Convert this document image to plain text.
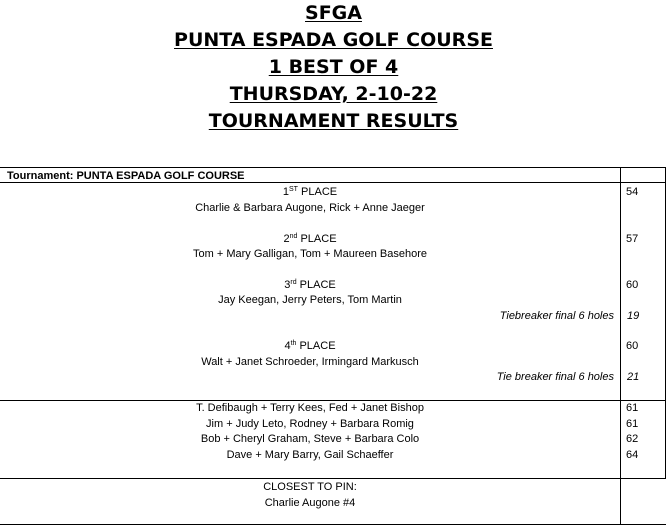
SFGA
PUNTA ESPADA GOLF COURSE
1 BEST OF 4
THURSDAY, 2-10-22
TOURNAMENT RESULTS
Tournament: PUNTA ESPADA GOLF COURSE
1ST PLACE	54
Charlie & Barbara Augone, Rick + Anne Jaeger
2nd PLACE	57
Tom + Mary Galligan, Tom + Maureen Basehore
3rd PLACE	60
Jay Keegan, Jerry Peters, Tom Martin
Tiebreaker final 6 holes 19
4th PLACE	60
Walt + Janet Schroeder, Irmingard Markusch
Tie breaker final 6 holes 21
T. Defibaugh + Terry Kees, Fed + Janet Bishop	61
Jim + Judy Leto, Rodney + Barbara Romig	61
Bob + Cheryl Graham, Steve + Barbara Colo	62
Dave + Mary Barry, Gail Schaeffer	64
CLOSEST TO PIN:
Charlie Augone #4
